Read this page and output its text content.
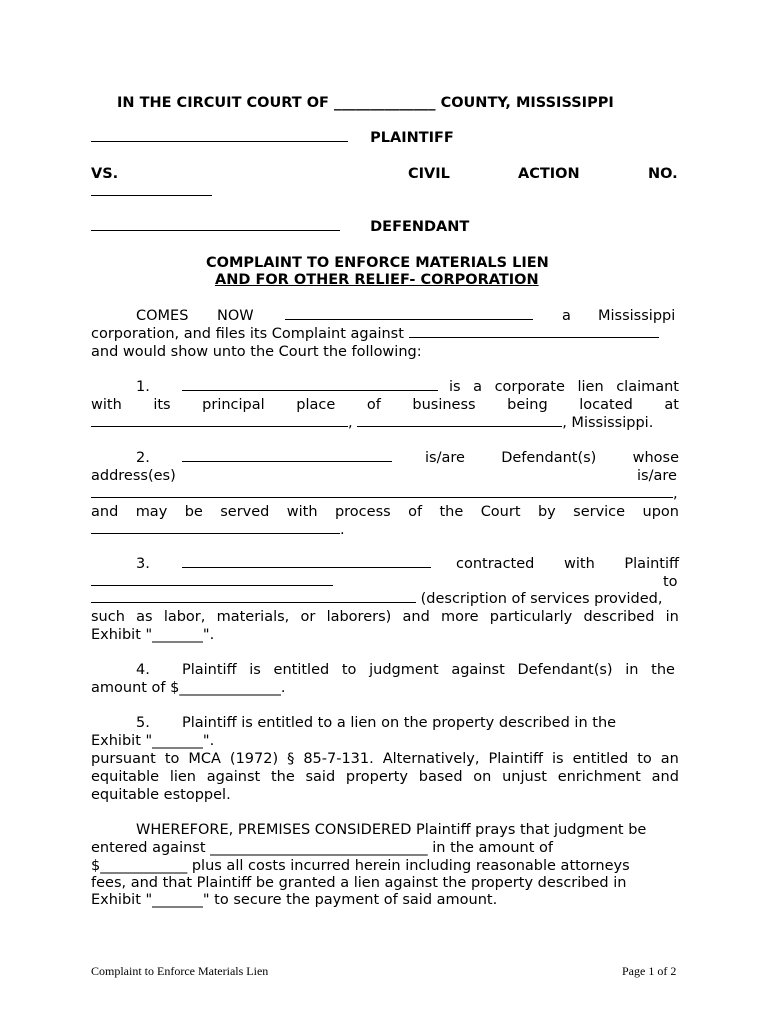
IN THE CIRCUIT COURT OF ______________ COUNTY, MISSISSIPPI
PLAINTIFF
VS.	CIVIL	ACTION	NO.
DEFENDANT
COMPLAINT TO ENFORCE MATERIALS LIEN
AND FOR OTHER RELIEF- CORPORATION
COMES NOW	a Mississippi
corporation, and files its Complaint against
and would show unto the Court the following:
1.	is a corporate lien claimant
with its principal place of business being located at
,	, Mississippi.
2.	is/are	Defendant(s)	whose
address(es)	is/are
,
and may be served with process of the Court by service upon
.
3.	contracted with Plaintiff
to
(description of services provided,
such as labor, materials, or laborers) and more particularly described in
Exhibit "_______".
4. Plaintiff is entitled to judgment against Defendant(s) in the
amount of $______________.
5. Plaintiff is entitled to a lien on the property described in the
Exhibit "_______".
pursuant to MCA (1972) § 85-7-131. Alternatively, Plaintiff is entitled to an
equitable lien against the said property based on unjust enrichment and
equitable estoppel.
WHEREFORE, PREMISES CONSIDERED Plaintiff prays that judgment be
entered against ______________________________ in the amount of
$____________ plus all costs incurred herein including reasonable attorneys
fees, and that Plaintiff be granted a lien against the property described in
Exhibit "_______" to secure the payment of said amount.
Complaint to Enforce Materials Lien	Page 1 of 2
